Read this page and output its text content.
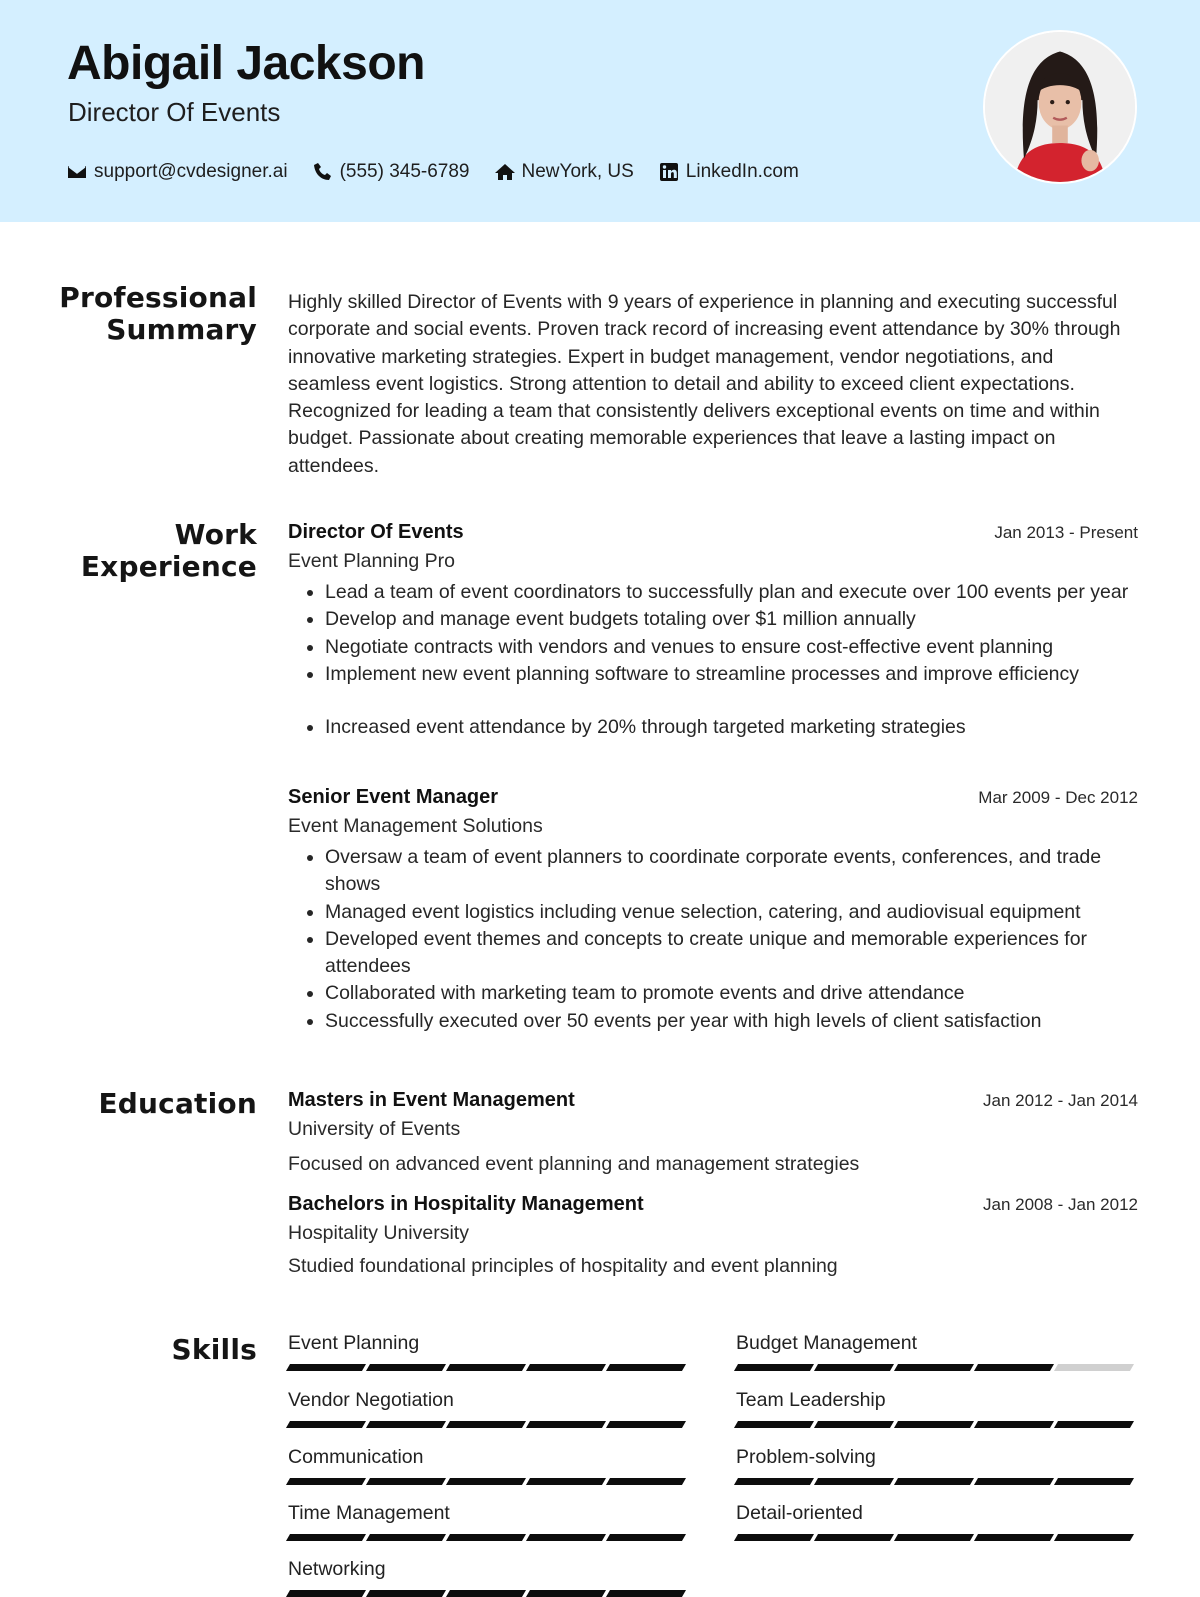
Abigail Jackson
Director Of Events
support@cvdesigner.ai	(555) 345-6789	NewYork, US	LinkedIn.com
Professional
Summary

Highly skilled Director of Events with 9 years of experience in planning and executing successful corporate and social events. Proven track record of increasing event attendance by 30% through innovative marketing strategies. Expert in budget management, vendor negotiations, and seamless event logistics. Strong attention to detail and ability to exceed client expectations. Recognized for leading a team that consistently delivers exceptional events on time and within budget. Passionate about creating memorable experiences that leave a lasting impact on attendees.

Work
Experience
Director Of Events	Jan 2013 - Present
Event Planning Pro
• Lead a team of event coordinators to successfully plan and execute over 100 events per year
• Develop and manage event budgets totaling over $1 million annually
• Negotiate contracts with vendors and venues to ensure cost-effective event planning
• Implement new event planning software to streamline processes and improve efficiency
• Increased event attendance by 20% through targeted marketing strategies
Senior Event Manager	Mar 2009 - Dec 2012
Event Management Solutions
• Oversaw a team of event planners to coordinate corporate events, conferences, and trade shows
• Managed event logistics including venue selection, catering, and audiovisual equipment
• Developed event themes and concepts to create unique and memorable experiences for attendees
• Collaborated with marketing team to promote events and drive attendance
• Successfully executed over 50 events per year with high levels of client satisfaction
Education Masters in Event Management	Jan 2012 - Jan 2014
University of Events
Focused on advanced event planning and management strategies
Bachelors in Hospitality Management	Jan 2008 - Jan 2012
Hospitality University
Studied foundational principles of hospitality and event planning
Skills Event Planning	Budget Management
Vendor Negotiation	Team Leadership
Communication	Problem-solving
Time Management	Detail-oriented
Networking
